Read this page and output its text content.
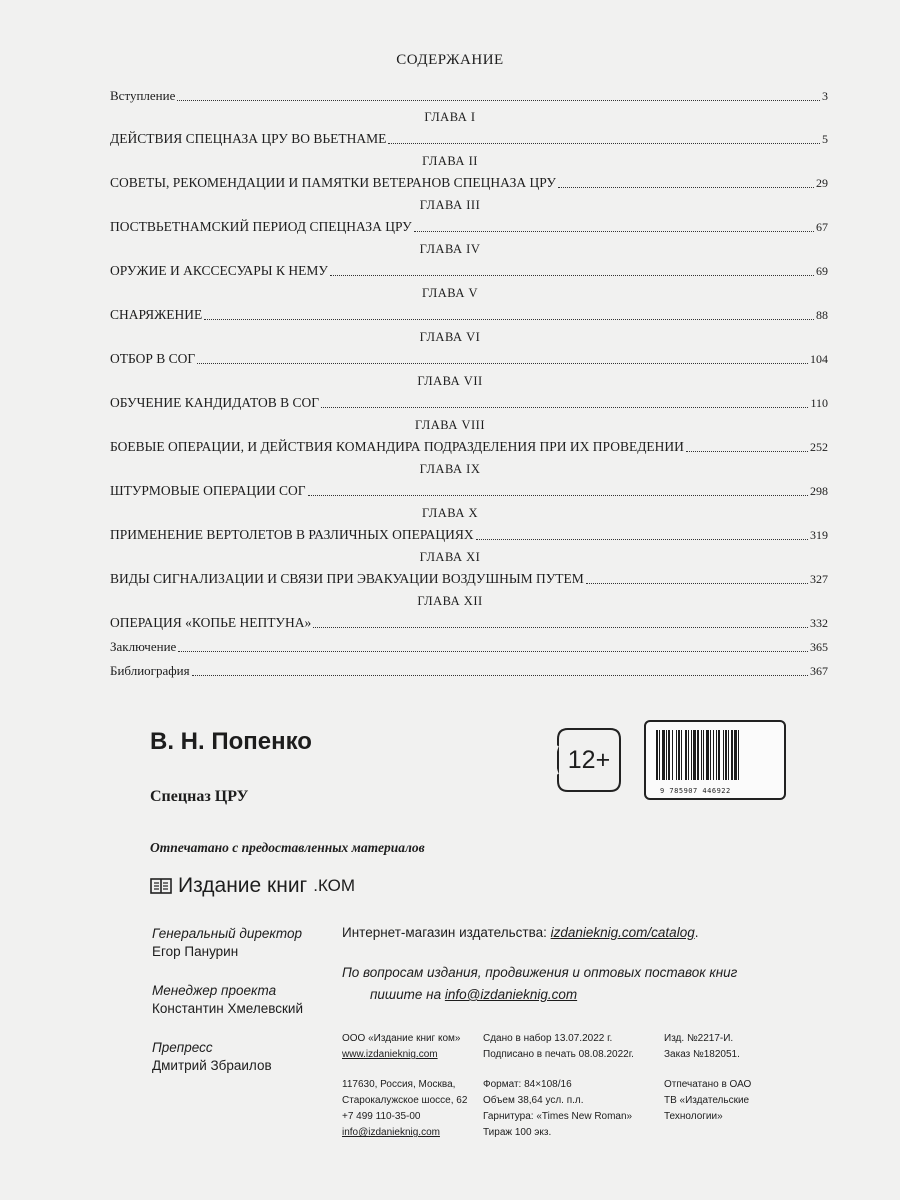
СОДЕРЖАНИЕ
Вступление	3
ГЛАВА I
ДЕЙСТВИЯ СПЕЦНАЗА ЦРУ ВО ВЬЕТНАМЕ	5
ГЛАВА II
СОВЕТЫ, РЕКОМЕНДАЦИИ И ПАМЯТКИ ВЕТЕРАНОВ СПЕЦНАЗА ЦРУ	29
ГЛАВА III
ПОСТВЬЕТНАМСКИЙ ПЕРИОД СПЕЦНАЗА ЦРУ	67
ГЛАВА IV
ОРУЖИЕ И АКССЕСУАРЫ К НЕМУ	69
ГЛАВА V
СНАРЯЖЕНИЕ	88
ГЛАВА VI
ОТБОР В СОГ	104
ГЛАВА VII
ОБУЧЕНИЕ КАНДИДАТОВ В СОГ	110
ГЛАВА VIII
БОЕВЫЕ ОПЕРАЦИИ, И ДЕЙСТВИЯ КОМАНДИРА ПОДРАЗДЕЛЕНИЯ ПРИ ИХ ПРОВЕДЕНИИ	252
ГЛАВА IX
ШТУРМОВЫЕ ОПЕРАЦИИ СОГ	298
ГЛАВА X
ПРИМЕНЕНИЕ ВЕРТОЛЕТОВ В РАЗЛИЧНЫХ ОПЕРАЦИЯХ	319
ГЛАВА XI
ВИДЫ СИГНАЛИЗАЦИИ И СВЯЗИ ПРИ ЭВАКУАЦИИ ВОЗДУШНЫМ ПУТЕМ	327
ГЛАВА XII
ОПЕРАЦИЯ «КОПЬЕ НЕПТУНА»	332
Заключение	365
Библиография	367
В. Н. Попенко
Спецназ ЦРУ
Отпечатано с предоставленных материалов
12+
9 785907 446922
Издание книг .КОМ
Генеральный директор
Егор Панурин
Менеджер проекта
Константин Хмелевский
Препресс
Дмитрий Збраилов
Интернет-магазин издательства: izdanieknig.com/catalog.
По вопросам издания, продвижения и оптовых поставок книг
пишите на info@izdanieknig.com
ООО «Издание книг ком»
www.izdanieknig.com
117630, Россия, Москва,
Старокалужское шоссе, 62
+7 499 110-35-00
info@izdanieknig.com
Сдано в набор 13.07.2022 г.
Подписано в печать 08.08.2022г.
Формат: 84×108/16
Объем 38,64 усл. п.л.
Гарнитура: «Times New Roman»
Тираж 100 экз.
Изд. №2217-И.
Заказ №182051.
Отпечатано в ОАО
ТВ «Издательские
Технологии»
